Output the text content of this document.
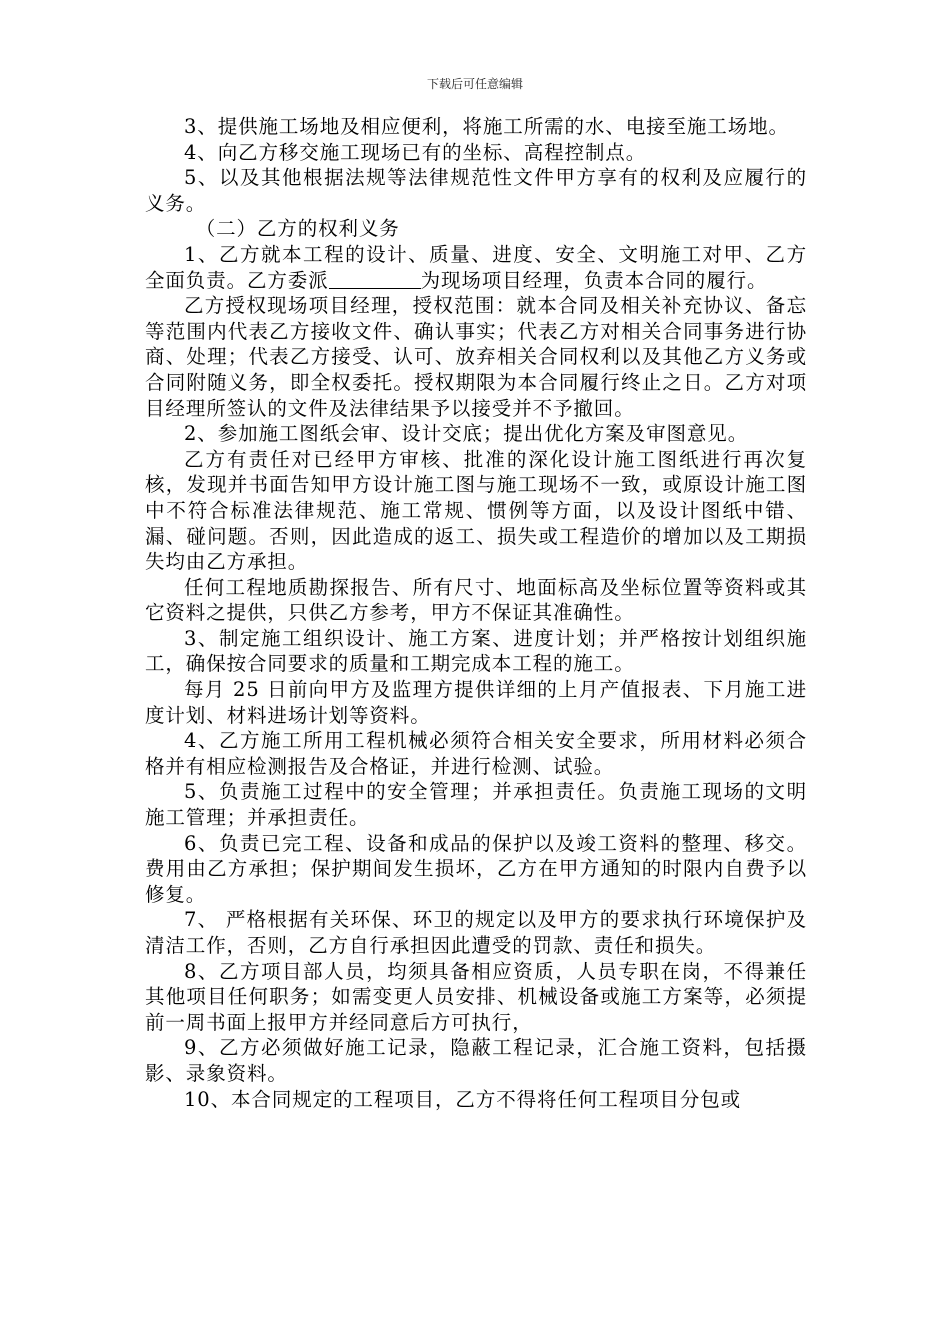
下载后可任意编辑

3、提供施工场地及相应便利，将施工所需的水、电接至施工场地。

4、向乙方移交施工现场已有的坐标、高程控制点。

5、以及其他根据法规等法律规范性文件甲方享有的权利及应履行的义务。

（二）乙方的权利义务

1、乙方就本工程的设计、质量、进度、安全、文明施工对甲、乙方全面负责。乙方委派	为现场项目经理，负责本合同的履行。

乙方授权现场项目经理，授权范围：就本合同及相关补充协议、备忘等范围内代表乙方接收文件、确认事实；代表乙方对相关合同事务进行协商、处理；代表乙方接受、认可、放弃相关合同权利以及其他乙方义务或合同附随义务，即全权委托。授权期限为本合同履行终止之日。乙方对项目经理所签认的文件及法律结果予以接受并不予撤回。

2、参加施工图纸会审、设计交底；提出优化方案及审图意见。

乙方有责任对已经甲方审核、批准的深化设计施工图纸进行再次复核，发现并书面告知甲方设计施工图与施工现场不一致，或原设计施工图中不符合标准法律规范、施工常规、惯例等方面，以及设计图纸中错、漏、碰问题。否则，因此造成的返工、损失或工程造价的增加以及工期损失均由乙方承担。

任何工程地质勘探报告、所有尺寸、地面标高及坐标位置等资料或其它资料之提供，只供乙方参考，甲方不保证其准确性。

3、制定施工组织设计、施工方案、进度计划；并严格按计划组织施工，确保按合同要求的质量和工期完成本工程的施工。

每月 25 日前向甲方及监理方提供详细的上月产值报表、下月施工进度计划、材料进场计划等资料。

4、乙方施工所用工程机械必须符合相关安全要求，所用材料必须合格并有相应检测报告及合格证，并进行检测、试验。

5、负责施工过程中的安全管理；并承担责任。负责施工现场的文明施工管理；并承担责任。

6、负责已完工程、设备和成品的保护以及竣工资料的整理、移交。费用由乙方承担；保护期间发生损坏，乙方在甲方通知的时限内自费予以修复。

7、 严格根据有关环保、环卫的规定以及甲方的要求执行环境保护及清洁工作，否则，乙方自行承担因此遭受的罚款、责任和损失。

8、乙方项目部人员，均须具备相应资质，人员专职在岗，不得兼任其他项目任何职务；如需变更人员安排、机械设备或施工方案等，必须提前一周书面上报甲方并经同意后方可执行，

9、乙方必须做好施工记录，隐蔽工程记录，汇合施工资料，包括摄影、录象资料。

10、本合同规定的工程项目，乙方不得将任何工程项目分包或
